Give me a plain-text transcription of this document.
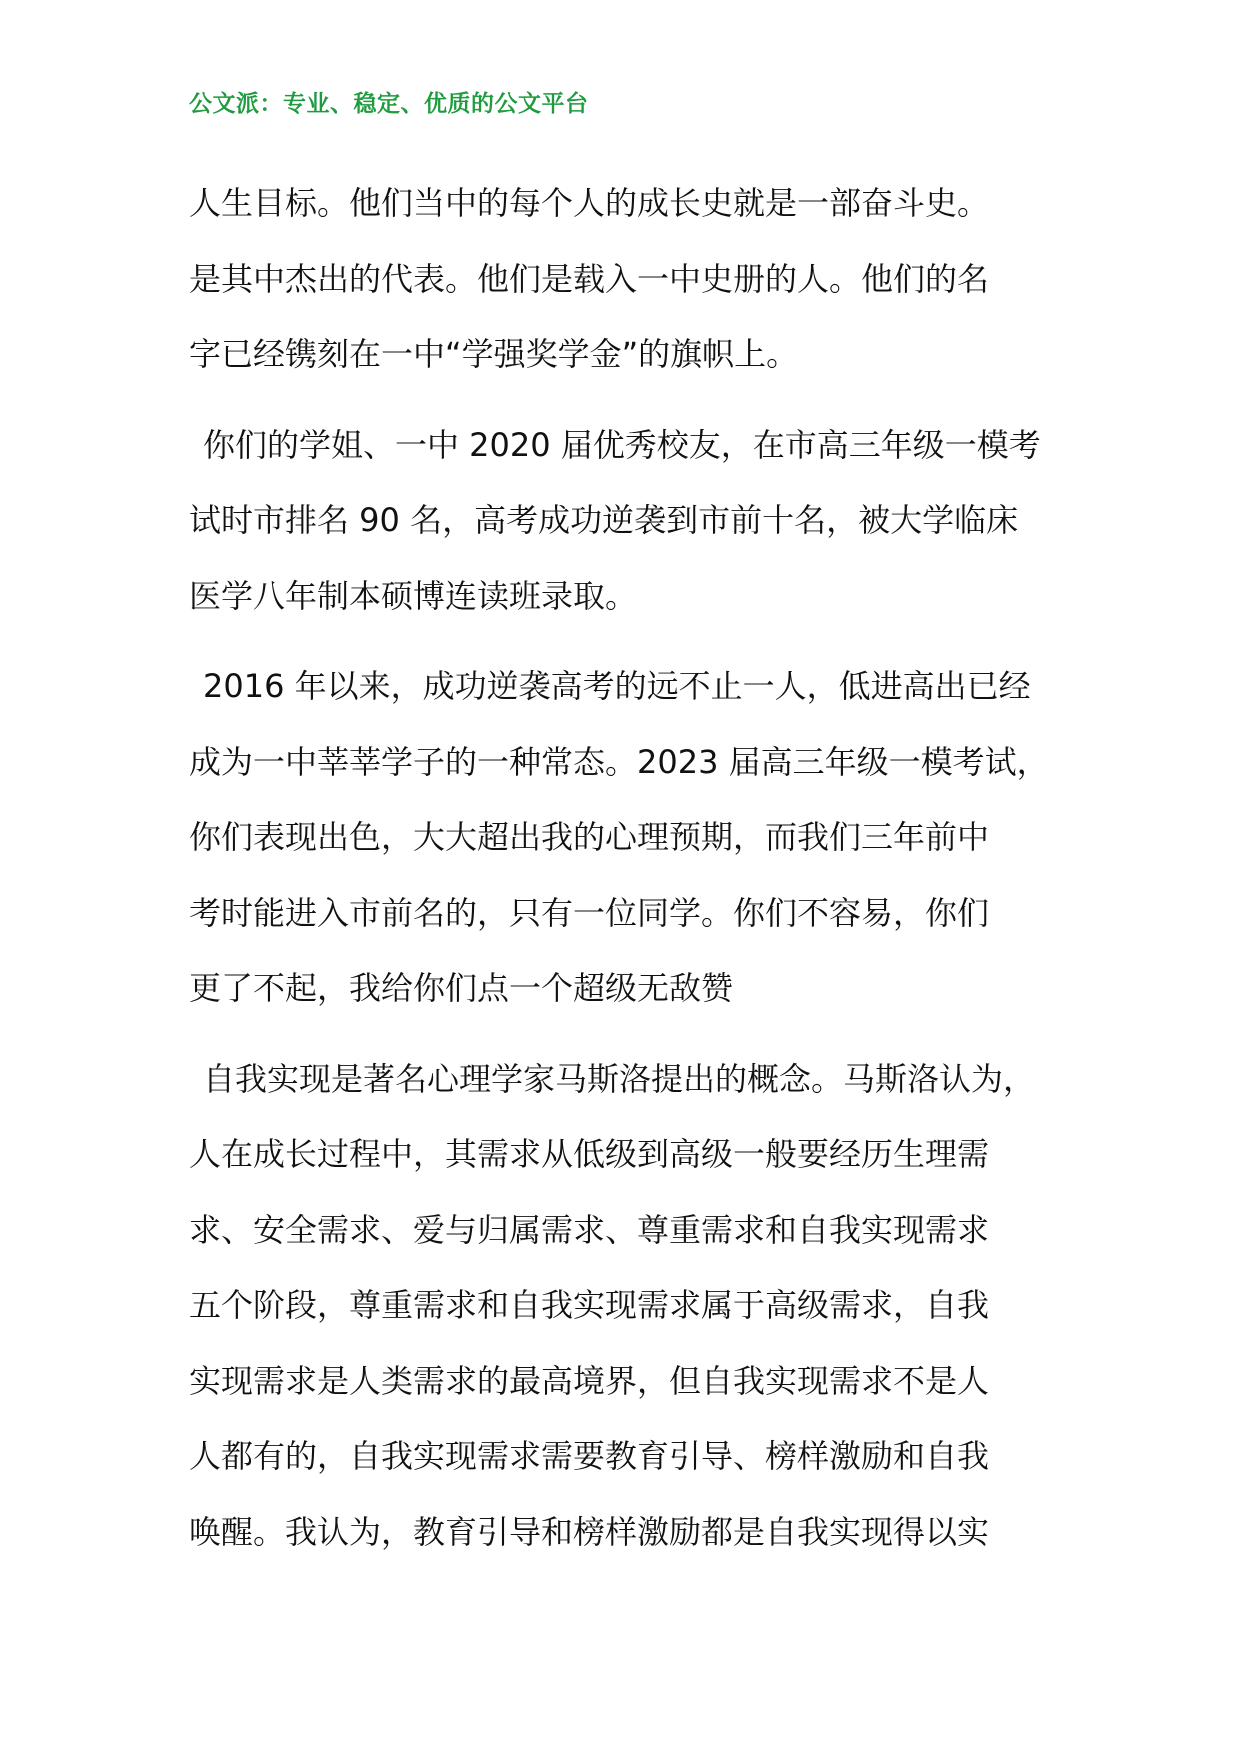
公文派：专业、稳定、优质的公文平台
人生目标。他们当中的每个人的成长史就是一部奋斗史。
是其中杰出的代表。他们是载入一中史册的人。他们的名
字已经镌刻在一中“学强奖学金”的旗帜上。
你们的学姐、一中 2020 届优秀校友，在市高三年级一模考
试时市排名 90 名，高考成功逆袭到市前十名，被大学临床
医学八年制本硕博连读班录取。
2016 年以来，成功逆袭高考的远不止一人，低进高出已经
成为一中莘莘学子的一种常态。2023 届高三年级一模考试，
你们表现出色，大大超出我的心理预期，而我们三年前中
考时能进入市前名的，只有一位同学。你们不容易，你们
更了不起，我给你们点一个超级无敌赞
自我实现是著名心理学家马斯洛提出的概念。马斯洛认为，
人在成长过程中，其需求从低级到高级一般要经历生理需
求、安全需求、爱与归属需求、尊重需求和自我实现需求
五个阶段，尊重需求和自我实现需求属于高级需求，自我
实现需求是人类需求的最高境界，但自我实现需求不是人
人都有的，自我实现需求需要教育引导、榜样激励和自我
唤醒。我认为，教育引导和榜样激励都是自我实现得以实
